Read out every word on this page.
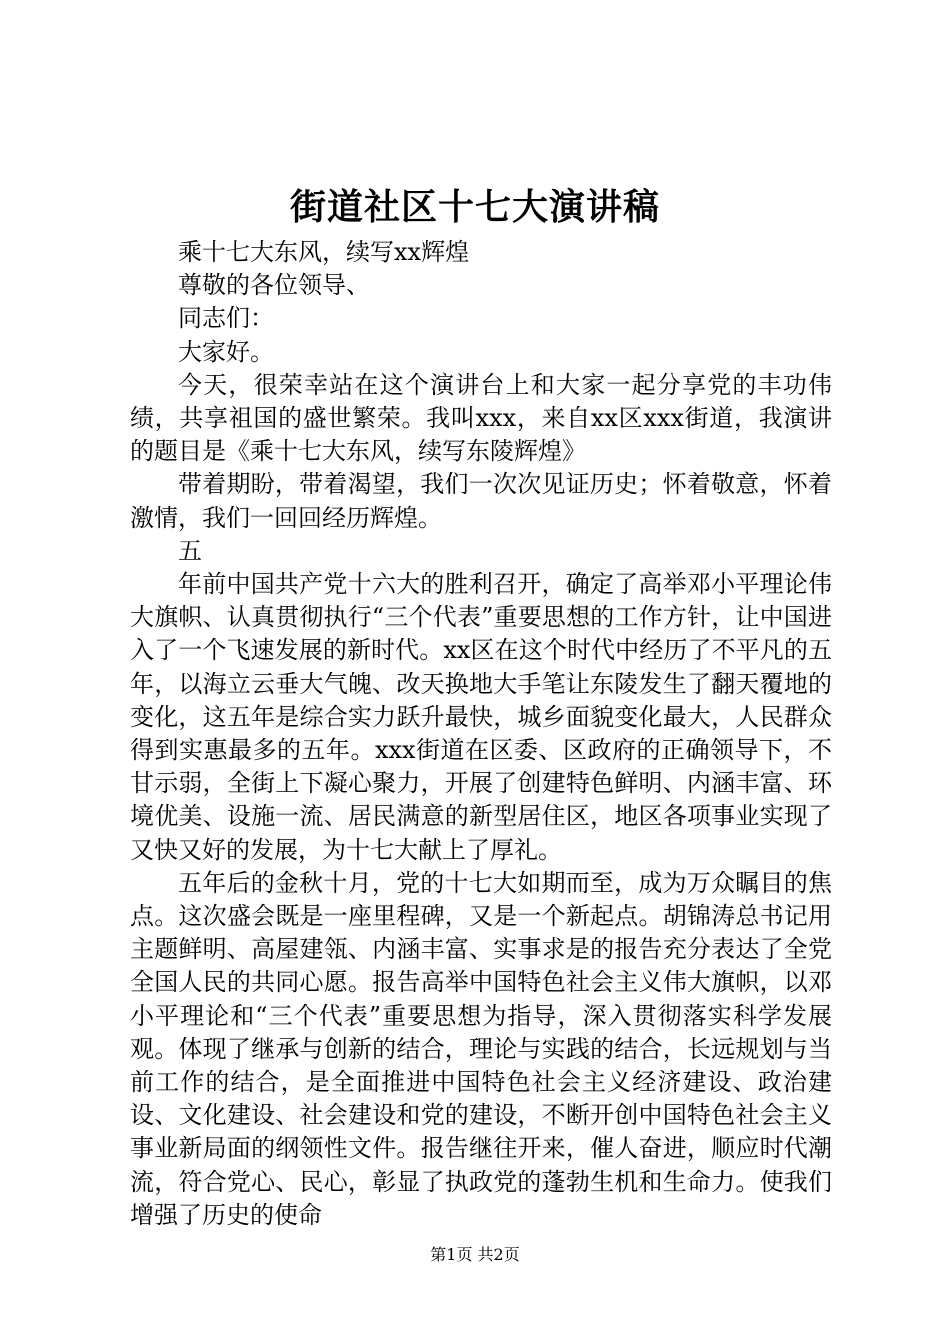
街道社区十七大演讲稿

乘十七大东风，续写xx辉煌

尊敬的各位领导、

同志们：

大家好。

今天，很荣幸站在这个演讲台上和大家一起分享党的丰功伟绩，共享祖国的盛世繁荣。我叫xxx，来自xx区xxx街道，我演讲的题目是《乘十七大东风，续写东陵辉煌》

带着期盼，带着渴望，我们一次次见证历史；怀着敬意，怀着激情，我们一回回经历辉煌。

五

年前中国共产党十六大的胜利召开，确定了高举邓小平理论伟大旗帜、认真贯彻执行“三个代表”重要思想的工作方针，让中国进入了一个飞速发展的新时代。xx区在这个时代中经历了不平凡的五年，以海立云垂大气魄、改天换地大手笔让东陵发生了翻天覆地的变化，这五年是综合实力跃升最快，城乡面貌变化最大，人民群众得到实惠最多的五年。xxx街道在区委、区政府的正确领导下，不甘示弱，全街上下凝心聚力，开展了创建特色鲜明、内涵丰富、环境优美、设施一流、居民满意的新型居住区，地区各项事业实现了又快又好的发展，为十七大献上了厚礼。

五年后的金秋十月，党的十七大如期而至，成为万众瞩目的焦点。这次盛会既是一座里程碑，又是一个新起点。胡锦涛总书记用主题鲜明、高屋建瓴、内涵丰富、实事求是的报告充分表达了全党全国人民的共同心愿。报告高举中国特色社会主义伟大旗帜，以邓小平理论和“三个代表”重要思想为指导，深入贯彻落实科学发展观。体现了继承与创新的结合，理论与实践的结合，长远规划与当前工作的结合，是全面推进中国特色社会主义经济建设、政治建设、文化建设、社会建设和党的建设，不断开创中国特色社会主义事业新局面的纲领性文件。报告继往开来，催人奋进，顺应时代潮流，符合党心、民心，彰显了执政党的蓬勃生机和生命力。使我们增强了历史的使命

第1页 共2页
